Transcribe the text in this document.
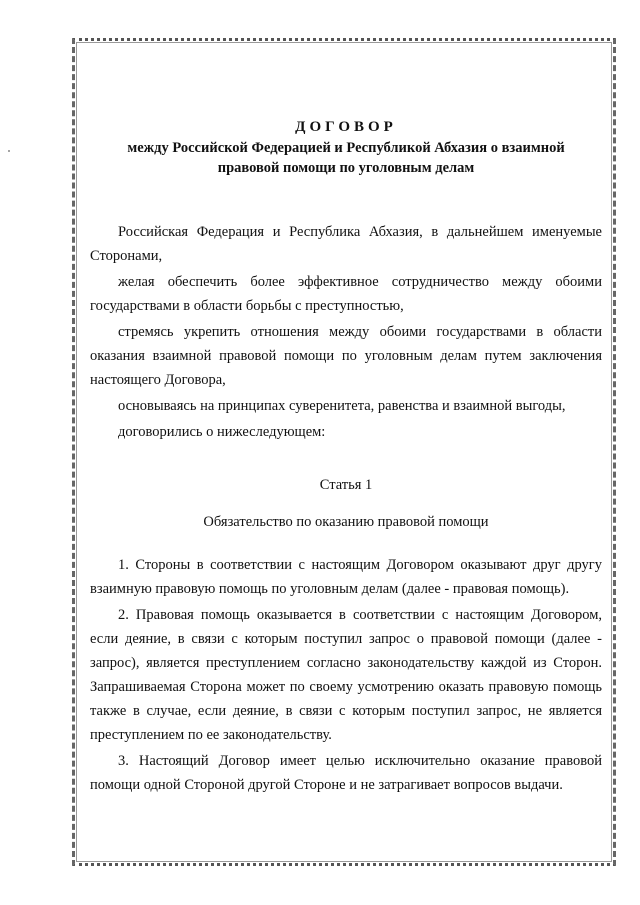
ДОГОВОР

между Российской Федерацией и Республикой Абхазия о взаимной

правовой помощи по уголовным делам

Российская Федерация и Республика Абхазия, в дальнейшем именуемые Сторонами,

желая обеспечить более эффективное сотрудничество между обоими государствами в области борьбы с преступностью,

стремясь укрепить отношения между обоими государствами в области оказания взаимной правовой помощи по уголовным делам путем заключения настоящего Договора,

основываясь на принципах суверенитета, равенства и взаимной выгоды,

договорились о нижеследующем:

Статья 1

Обязательство по оказанию правовой помощи

1. Стороны в соответствии с настоящим Договором оказывают друг другу взаимную правовую помощь по уголовным делам (далее - правовая помощь).

2. Правовая помощь оказывается в соответствии с настоящим Договором, если деяние, в связи с которым поступил запрос о правовой помощи (далее - запрос), является преступлением согласно законодательству каждой из Сторон. Запрашиваемая Сторона может по своему усмотрению оказать правовую помощь также в случае, если деяние, в связи с которым поступил запрос, не является преступлением по ее законодательству.

3. Настоящий Договор имеет целью исключительно оказание правовой помощи одной Стороной другой Стороне и не затрагивает вопросов выдачи.
